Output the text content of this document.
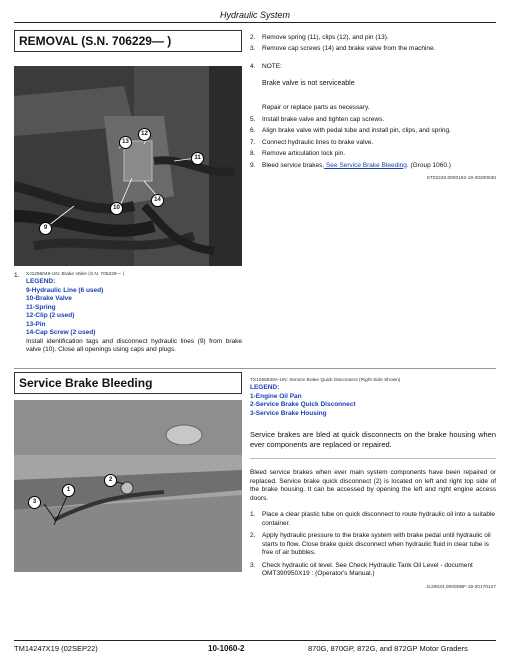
Hydraulic System
REMOVAL (S.N. 706229— )
12
13
11
10
14
9
1.	XJ1296046-UN: Brake Valve (S.N. 706229— )
LEGEND:
9-Hydraulic Line (6 used)
10-Brake Valve
11-Spring
12-Clip (2 used)
13-Pin
14-Cap Screw (2 used)
Install identification tags and disconnect hydraulic lines (9) from brake valve (10). Close all openings using caps and plugs.
2.	Remove spring (11), clips (12), and pin (13).
3.	Remove cap screws (14) and brake valve from the machine.
4.	NOTE:
Brake valve is not serviceable
Repair or replace parts as necessary.
5.	Install brake valve and tighten cap screws.
6.	Align brake valve with pedal tube and install pin, clips, and spring.
7.	Connect hydraulic lines to brake valve.
8.	Remove articulation lock pin.
9.	Bleed service brakes. See Service Brake Bleeding. (Group 1060.)
ST02240,0000192-19-20200630
Service Brake Bleeding
1
2
3
TX1055830A-UN: Service Brake Quick Disconnect (Right Side Shown)
LEGEND:
1-Engine Oil Pan
2-Service Brake Quick Disconnect
3-Service Brake Housing
Service brakes are bled at quick disconnects on the brake housing when ever components are replaced or repaired.
Bleed service brakes when ever main system components have been repaired or replaced. Service brake quick disconnect (2) is located on left and right top side of the brake housing. It can be accessed by opening the left and right engine access doors.
1.	Place a clear plastic tube on quick disconnect to route hydraulic oil into a suitable container.
2.	Apply hydraulic pressure to the brake system with brake pedal until hydraulic oil starts to flow. Close brake quick disconnect when hydraulic fluid in clear tube is free of air bubbles.
3.	Check hydraulic oil level. See Check Hydraulic Tank Oil Level - document OMT390950X19 : (Operator's Manual.)
JL28034,0000DBF-19-20170127
TM14247X19 (02SEP22)	10-1060-2	870G, 870GP, 872G, and 872GP Motor Graders
